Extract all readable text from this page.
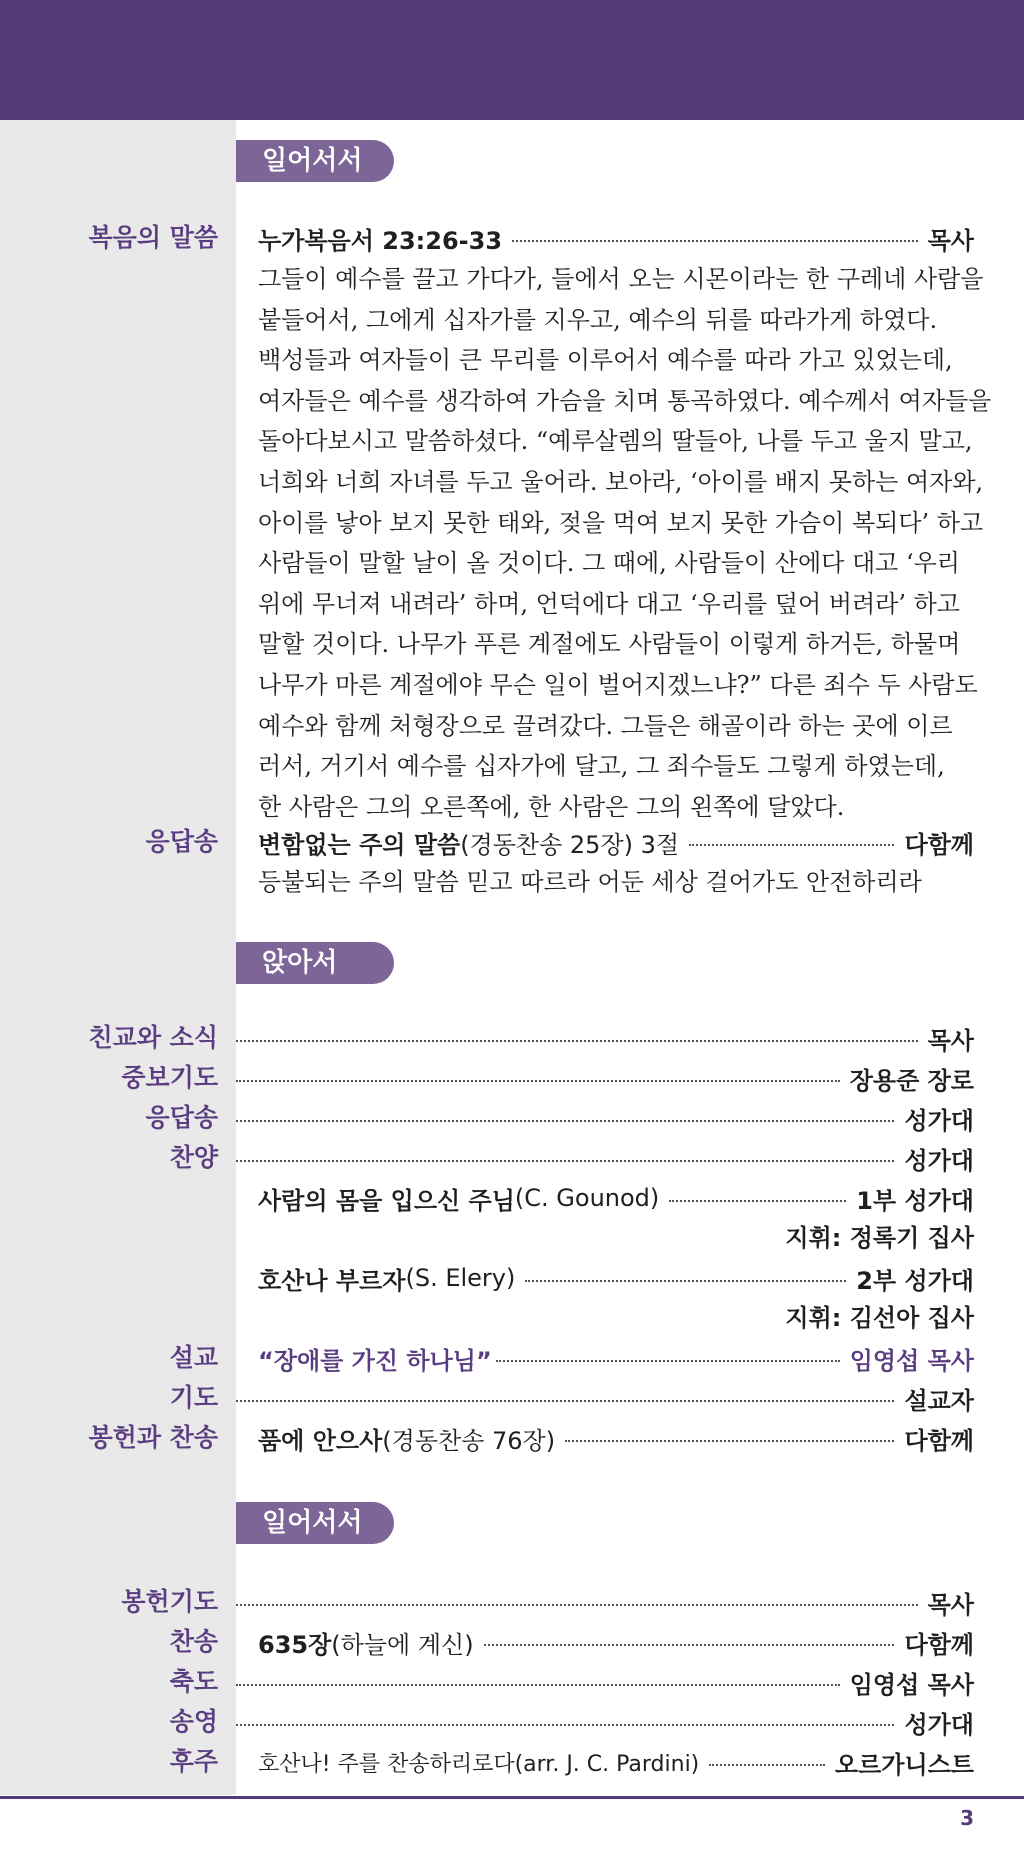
일어서서
복음의 말씀 누가복음서 23:26-33	목사
그들이 예수를 끌고 가다가, 들에서 오는 시몬이라는 한 구레네 사람을
붙들어서, 그에게 십자가를 지우고, 예수의 뒤를 따라가게 하였다.
백성들과 여자들이 큰 무리를 이루어서 예수를 따라 가고 있었는데,
여자들은 예수를 생각하여 가슴을 치며 통곡하였다. 예수께서 여자들을
돌아다보시고 말씀하셨다. “예루살렘의 딸들아, 나를 두고 울지 말고,
너희와 너희 자녀를 두고 울어라. 보아라, ‘아이를 배지 못하는 여자와,
아이를 낳아 보지 못한 태와, 젖을 먹여 보지 못한 가슴이 복되다’ 하고
사람들이 말할 날이 올 것이다. 그 때에, 사람들이 산에다 대고 ‘우리
위에 무너져 내려라’ 하며, 언덕에다 대고 ‘우리를 덮어 버려라’ 하고
말할 것이다. 나무가 푸른 계절에도 사람들이 이렇게 하거든, 하물며
나무가 마른 계절에야 무슨 일이 벌어지겠느냐?” 다른 죄수 두 사람도
예수와 함께 처형장으로 끌려갔다. 그들은 해골이라 하는 곳에 이르
러서, 거기서 예수를 십자가에 달고, 그 죄수들도 그렇게 하였는데,
한 사람은 그의 오른쪽에, 한 사람은 그의 왼쪽에 달았다.
응답송 변함없는 주의 말씀 (경동찬송 25장) 3절	다함께
등불되는 주의 말씀 믿고 따르라 어둔 세상 걸어가도 안전하리라
앉아서
친교와 소식	목사
중보기도	장용준 장로
응답송	성가대
찬양	성가대
사람의 몸을 입으신 주님 (C. Gounod)	1부 성가대
지휘: 정록기 집사
호산나 부르자 (S. Elery)	2부 성가대
지휘: 김선아 집사
설교 “장애를 가진 하나님”	임영섭 목사
기도	설교자
봉헌과 찬송 품에 안으사 (경동찬송 76장)	다함께
일어서서
봉헌기도	목사
찬송 635장 (하늘에 계신)	다함께
축도	임영섭 목사
송영	성가대
후주 호산나! 주를 찬송하리로다(arr. J. C. Pardini)	오르가니스트
3
